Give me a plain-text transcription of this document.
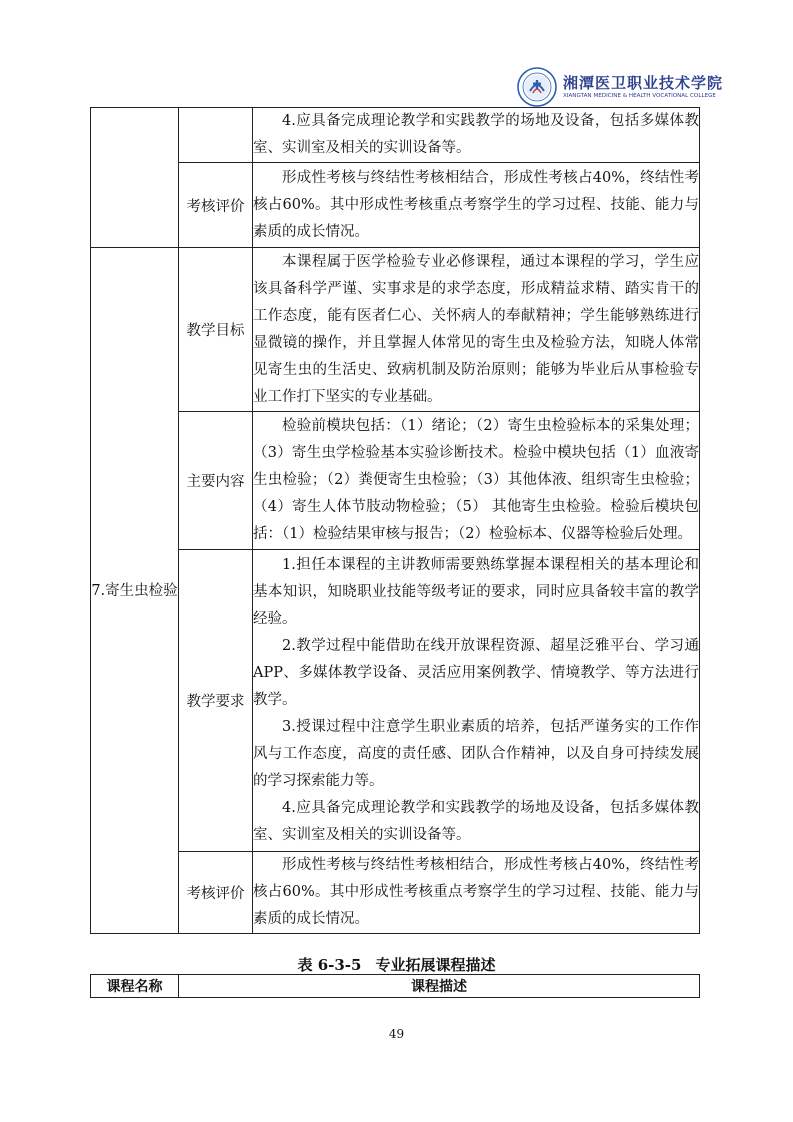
湘潭医卫职业技术学院
XIANGTAN MEDICINE & HEALTH VOCATIONAL COLLEGE

		4.应具备完成理论教学和实践教学的场地及设备，包括多媒体教室、实训室及相关的实训设备等。

	考核评价	形成性考核与终结性考核相结合，形成性考核占40%，终结性考核占60%。其中形成性考核重点考察学生的学习过程、技能、能力与素质的成长情况。

7.寄生虫检验	教学目标	本课程属于医学检验专业必修课程，通过本课程的学习，学生应该具备科学严谨、实事求是的求学态度，形成精益求精、踏实肯干的工作态度，能有医者仁心、关怀病人的奉献精神；学生能够熟练进行显微镜的操作，并且掌握人体常见的寄生虫及检验方法，知晓人体常见寄生虫的生活史、致病机制及防治原则；能够为毕业后从事检验专业工作打下坚实的专业基础。

	主要内容	检验前模块包括：（1）绪论；（2）寄生虫检验标本的采集处理；（3）寄生虫学检验基本实验诊断技术。检验中模块包括（1）血液寄生虫检验；（2）粪便寄生虫检验；（3）其他体液、组织寄生虫检验；（4）寄生人体节肢动物检验；（5） 其他寄生虫检验。检验后模块包括：（1）检验结果审核与报告；（2）检验标本、仪器等检验后处理。

	教学要求	1.担任本课程的主讲教师需要熟练掌握本课程相关的基本理论和基本知识，知晓职业技能等级考证的要求，同时应具备较丰富的教学经验。

2.教学过程中能借助在线开放课程资源、超星泛雅平台、学习通APP、多媒体教学设备、灵活应用案例教学、情境教学、等方法进行教学。

3.授课过程中注意学生职业素质的培养，包括严谨务实的工作作风与工作态度，高度的责任感、团队合作精神，以及自身可持续发展的学习探索能力等。

4.应具备完成理论教学和实践教学的场地及设备，包括多媒体教室、实训室及相关的实训设备等。

	考核评价	形成性考核与终结性考核相结合，形成性考核占40%，终结性考核占60%。其中形成性考核重点考察学生的学习过程、技能、能力与素质的成长情况。

表 6-3-5 专业拓展课程描述
课程名称	课程描述
49
